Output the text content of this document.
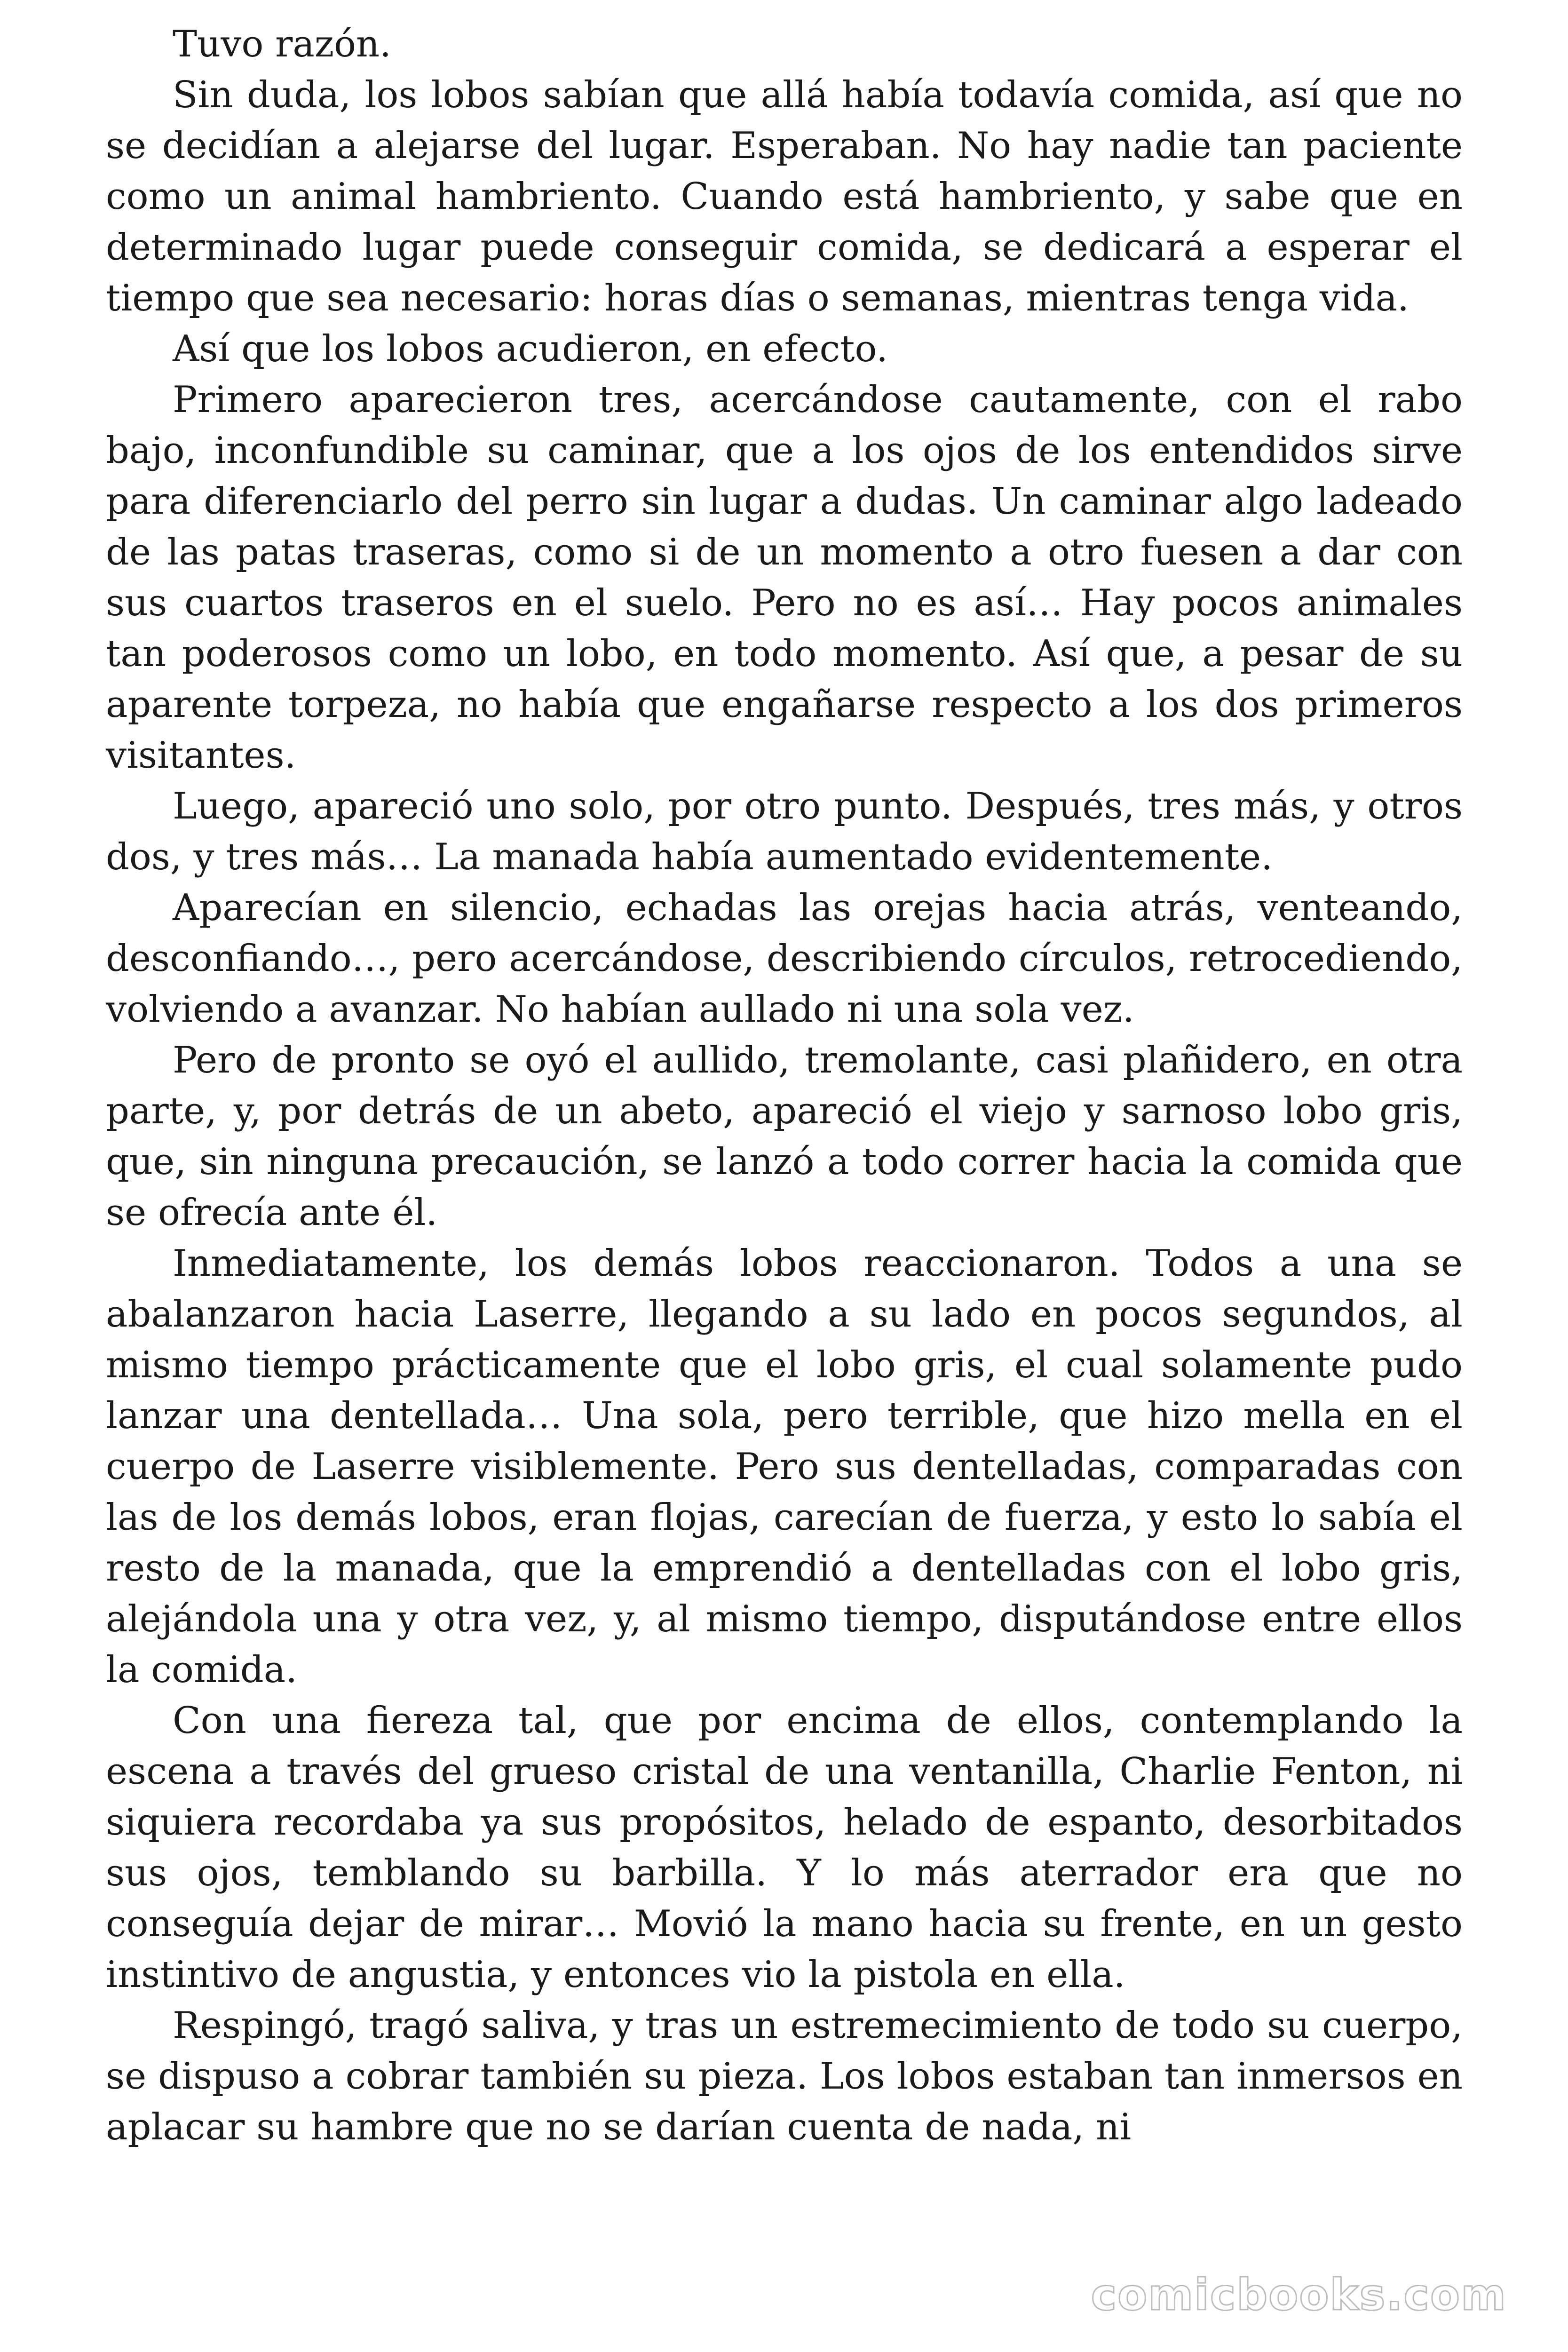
Tuvo razón.

Sin duda, los lobos sabían que allá había todavía comida, así que no se decidían a alejarse del lugar. Esperaban. No hay nadie tan paciente como un animal hambriento. Cuando está hambriento, y sabe que en determinado lugar puede conseguir comida, se dedicará a esperar el tiempo que sea necesario: horas días o semanas, mientras tenga vida.

Así que los lobos acudieron, en efecto.

Primero aparecieron tres, acercándose cautamente, con el rabo bajo, inconfundible su caminar, que a los ojos de los entendidos sirve para diferenciarlo del perro sin lugar a dudas. Un caminar algo ladeado de las patas traseras, como si de un momento a otro fuesen a dar con sus cuartos traseros en el suelo. Pero no es así… Hay pocos animales tan poderosos como un lobo, en todo momento. Así que, a pesar de su aparente torpeza, no había que engañarse respecto a los dos primeros visitantes.

Luego, apareció uno solo, por otro punto. Después, tres más, y otros dos, y tres más… La manada había aumentado evidentemente.

Aparecían en silencio, echadas las orejas hacia atrás, venteando, desconfiando…, pero acercándose, describiendo círculos, retrocediendo, volviendo a avanzar. No habían aullado ni una sola vez.

Pero de pronto se oyó el aullido, tremolante, casi plañidero, en otra parte, y, por detrás de un abeto, apareció el viejo y sarnoso lobo gris, que, sin ninguna precaución, se lanzó a todo correr hacia la comida que se ofrecía ante él.

Inmediatamente, los demás lobos reaccionaron. Todos a una se abalanzaron hacia Laserre, llegando a su lado en pocos segundos, al mismo tiempo prácticamente que el lobo gris, el cual solamente pudo lanzar una dentellada… Una sola, pero terrible, que hizo mella en el cuerpo de Laserre visiblemente. Pero sus dentelladas, comparadas con las de los demás lobos, eran flojas, carecían de fuerza, y esto lo sabía el resto de la manada, que la emprendió a dentelladas con el lobo gris, alejándola una y otra vez, y, al mismo tiempo, disputándose entre ellos la comida.

Con una fiereza tal, que por encima de ellos, contemplando la escena a través del grueso cristal de una ventanilla, Charlie Fenton, ni siquiera recordaba ya sus propósitos, helado de espanto, desorbitados sus ojos, temblando su barbilla. Y lo más aterrador era que no conseguía dejar de mirar… Movió la mano hacia su frente, en un gesto instintivo de angustia, y entonces vio la pistola en ella.

Respingó, tragó saliva, y tras un estremecimiento de todo su cuerpo, se dispuso a cobrar también su pieza. Los lobos estaban tan inmersos en aplacar su hambre que no se darían cuenta de nada, ni

comicbooks.com
